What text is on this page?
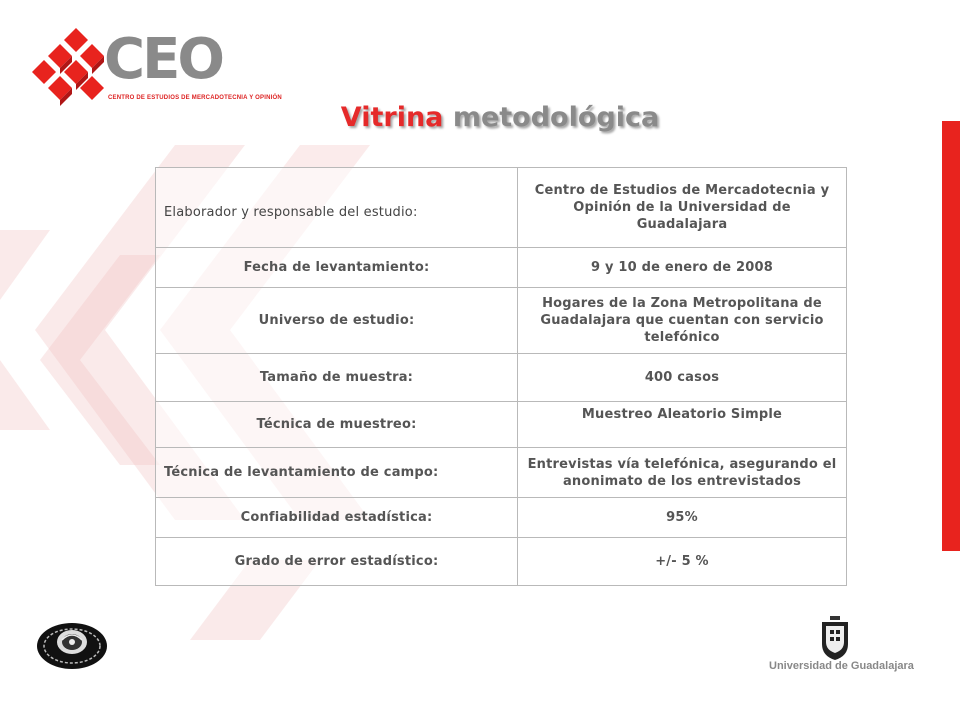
CEO
CENTRO DE ESTUDIOS DE MERCADOTECNIA Y OPINIÓN
Vitrina metodológica
Elaborador y responsable del estudio:	Centro de Estudios de Mercadotecnia y Opinión de la Universidad de Guadalajara
Fecha de levantamiento:	9 y 10 de enero de 2008
Universo de estudio:	Hogares de la Zona Metropolitana de Guadalajara que cuentan con servicio telefónico
Tamaño de muestra:	400 casos
Técnica de muestreo:	Muestreo Aleatorio Simple
Técnica de levantamiento de campo:	Entrevistas vía telefónica, asegurando el anonimato de los entrevistados
Confiabilidad estadística:	95%
Grado de error estadístico:	+/- 5 %
Universidad de Guadalajara
